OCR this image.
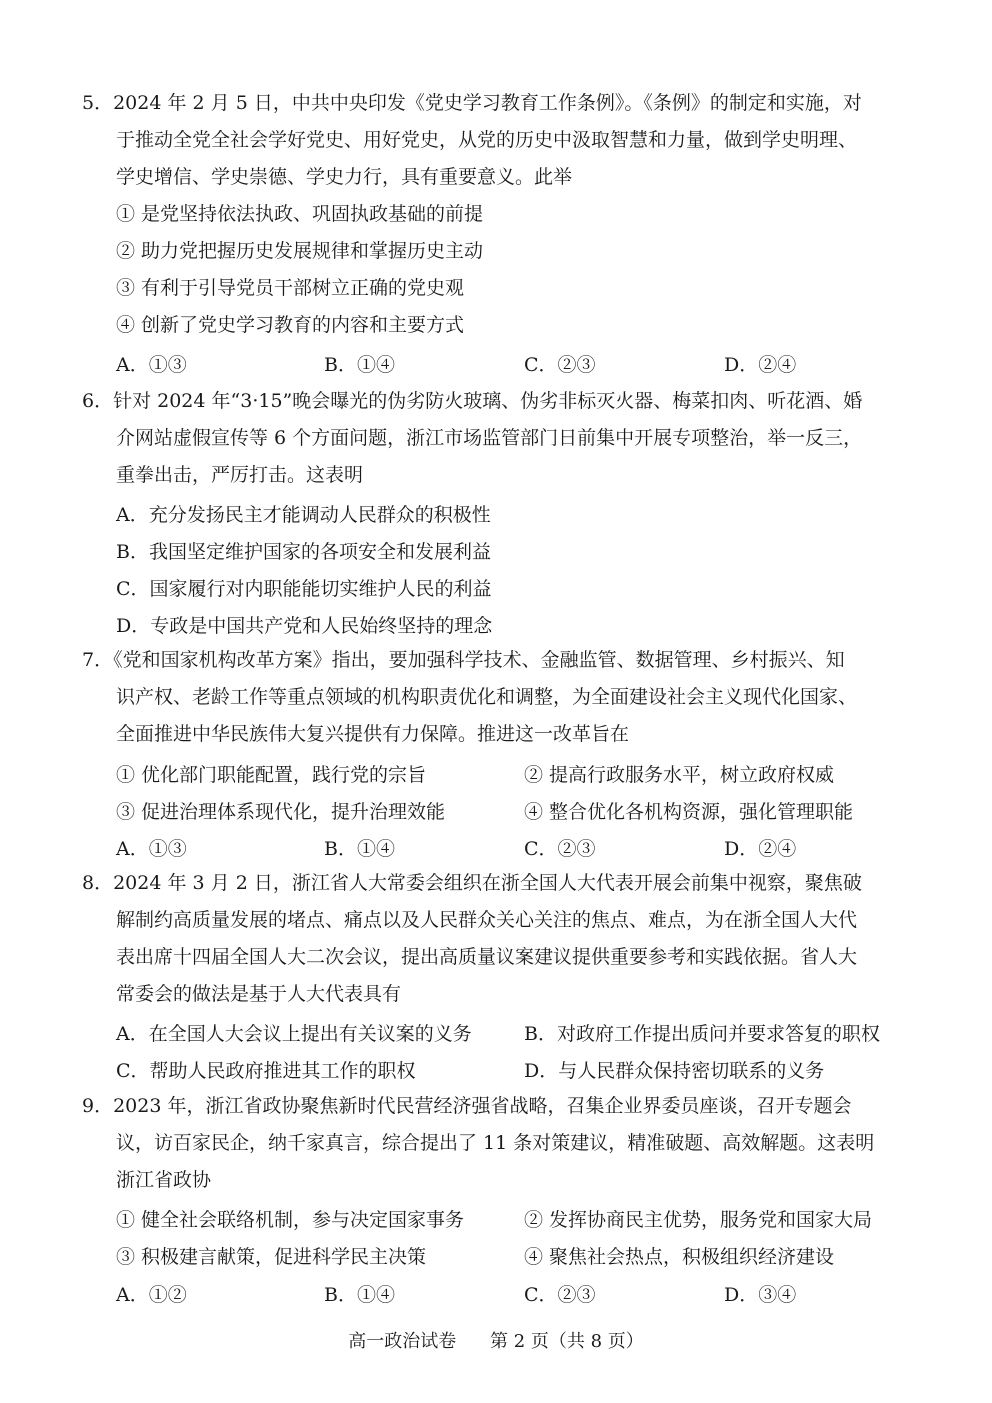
5．2024 年 2 月 5 日，中共中央印发《党史学习教育工作条例》。《条例》的制定和实施，对
于推动全党全社会学好党史、用好党史，从党的历史中汲取智慧和力量，做到学史明理、
学史增信、学史崇德、学史力行，具有重要意义。此举
① 是党坚持依法执政、巩固执政基础的前提
② 助力党把握历史发展规律和掌握历史主动
③ 有利于引导党员干部树立正确的党史观
④ 创新了党史学习教育的内容和主要方式
A．①③	B．①④	C．②③	D．②④
6．针对 2024 年“3·15”晚会曝光的伪劣防火玻璃、伪劣非标灭火器、梅菜扣肉、听花酒、婚
介网站虚假宣传等 6 个方面问题，浙江市场监管部门日前集中开展专项整治，举一反三，
重拳出击，严厉打击。这表明
A．充分发扬民主才能调动人民群众的积极性
B．我国坚定维护国家的各项安全和发展利益
C．国家履行对内职能能切实维护人民的利益
D．专政是中国共产党和人民始终坚持的理念
7．《党和国家机构改革方案》指出，要加强科学技术、金融监管、数据管理、乡村振兴、知
识产权、老龄工作等重点领域的机构职责优化和调整，为全面建设社会主义现代化国家、
全面推进中华民族伟大复兴提供有力保障。推进这一改革旨在
① 优化部门职能配置，践行党的宗旨	② 提高行政服务水平，树立政府权威
③ 促进治理体系现代化，提升治理效能	④ 整合优化各机构资源，强化管理职能
A．①③	B．①④	C．②③	D．②④
8．2024 年 3 月 2 日，浙江省人大常委会组织在浙全国人大代表开展会前集中视察，聚焦破
解制约高质量发展的堵点、痛点以及人民群众关心关注的焦点、难点，为在浙全国人大代
表出席十四届全国人大二次会议，提出高质量议案建议提供重要参考和实践依据。省人大
常委会的做法是基于人大代表具有
A．在全国人大会议上提出有关议案的义务	B．对政府工作提出质问并要求答复的职权
C．帮助人民政府推进其工作的职权	D．与人民群众保持密切联系的义务
9．2023 年，浙江省政协聚焦新时代民营经济强省战略，召集企业界委员座谈，召开专题会
议，访百家民企，纳千家真言，综合提出了 11 条对策建议，精准破题、高效解题。这表明
浙江省政协
① 健全社会联络机制，参与决定国家事务	② 发挥协商民主优势，服务党和国家大局
③ 积极建言献策，促进科学民主决策	④ 聚焦社会热点，积极组织经济建设
A．①②	B．①④	C．②③	D．③④
高一政治试卷 第 2 页（共 8 页）
